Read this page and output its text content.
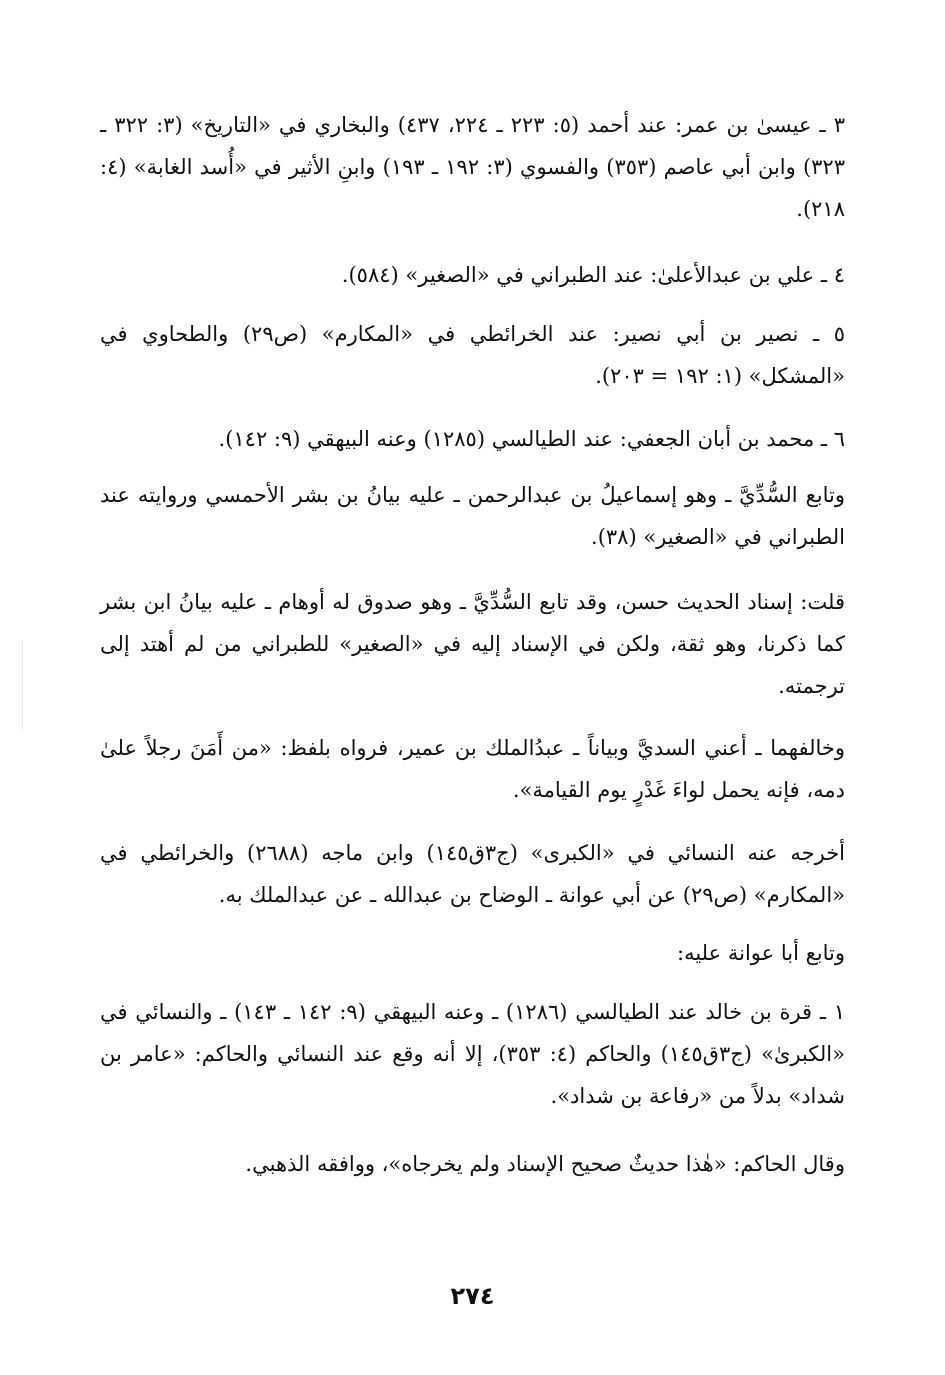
٣ ـ عيسىٰ بن عمر: عند أحمد (٥: ٢٢٣ ـ ٢٢٤، ٤٣٧) والبخاري في «التاريخ» (٣: ٣٢٢ ـ ٣٢٣) وابن أبي عاصم (٣٥٣) والفسوي (٣: ١٩٢ ـ ١٩٣) وابنِ الأثير في «أُسد الغابة» (٤: ٢١٨).

٤ ـ علي بن عبدالأعلىٰ: عند الطبراني في «الصغير» (٥٨٤).

٥ ـ نصير بن أبي نصير: عند الخرائطي في «المكارم» (ص٢٩) والطحاوي في «المشكل» (١: ١٩٢ = ٢٠٣).

٦ ـ محمد بن أبان الجعفي: عند الطيالسي (١٢٨٥) وعنه البيهقي (٩: ١٤٢).

وتابع السُّدِّيَّ ـ وهو إسماعيلُ بن عبدالرحمن ـ عليه بيانُ بن بشر الأحمسي وروايته عند الطبراني في «الصغير» (٣٨).

قلت: إسناد الحديث حسن، وقد تابع السُّدِّيَّ ـ وهو صدوق له أوهام ـ عليه بيانُ ابن بشر كما ذكرنا، وهو ثقة، ولكن في الإسناد إليه في «الصغير» للطبراني من لم أهتد إلى ترجمته.

وخالفهما ـ أعني السديَّ وبياناً ـ عبدُالملك بن عمير، فرواه بلفظ: «من أَمَنَ رجلاً علىٰ دمه، فإنه يحمل لواءَ غَدْرٍ يوم القيامة».

أخرجه عنه النسائي في «الكبرى» (ج٣ق١٤٥) وابن ماجه (٢٦٨٨) والخرائطي في «المكارم» (ص٢٩) عن أبي عوانة ـ الوضاح بن عبدالله ـ عن عبدالملك به.

وتابع أبا عوانة عليه:

١ ـ قرة بن خالد عند الطيالسي (١٢٨٦) ـ وعنه البيهقي (٩: ١٤٢ ـ ١٤٣) ـ والنسائي في «الكبرىٰ» (ج٣ق١٤٥) والحاكم (٤: ٣٥٣)، إلا أنه وقع عند النسائي والحاكم: «عامر بن شداد» بدلاً من «رفاعة بن شداد».

وقال الحاكم: «هٰذا حديثٌ صحيح الإسناد ولم يخرجاه»، ووافقه الذهبي.

٢٧٤
